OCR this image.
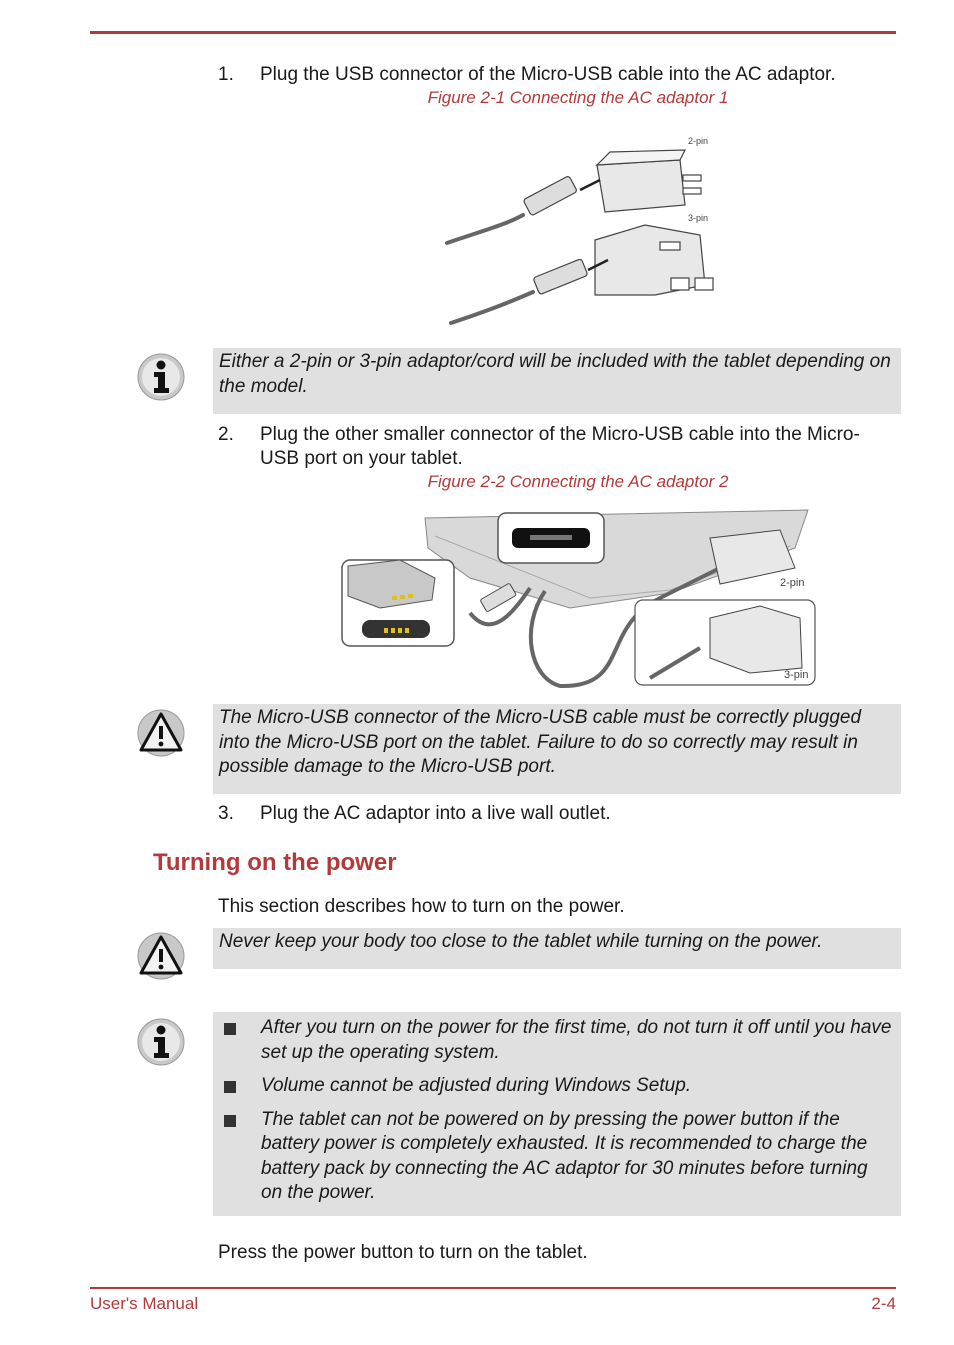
1.	Plug the USB connector of the Micro-USB cable into the AC adaptor.
Figure 2-1 Connecting the AC adaptor 1
2-pin
3-pin
Either a 2-pin or 3-pin adaptor/cord will be included with the tablet depending on the model.
2.	Plug the other smaller connector of the Micro-USB cable into the Micro-USB port on your tablet.
Figure 2-2 Connecting the AC adaptor 2
2-pin
3-pin
The Micro-USB connector of the Micro-USB cable must be correctly plugged into the Micro-USB port on the tablet. Failure to do so correctly may result in possible damage to the Micro-USB port.
3.	Plug the AC adaptor into a live wall outlet.
Turning on the power
This section describes how to turn on the power.
Never keep your body too close to the tablet while turning on the power.
After you turn on the power for the first time, do not turn it off until you have set up the operating system.
Volume cannot be adjusted during Windows Setup.
The tablet can not be powered on by pressing the power button if the battery power is completely exhausted. It is recommended to charge the battery pack by connecting the AC adaptor for 30 minutes before turning on the power.
Press the power button to turn on the tablet.
User's Manual	2-4
